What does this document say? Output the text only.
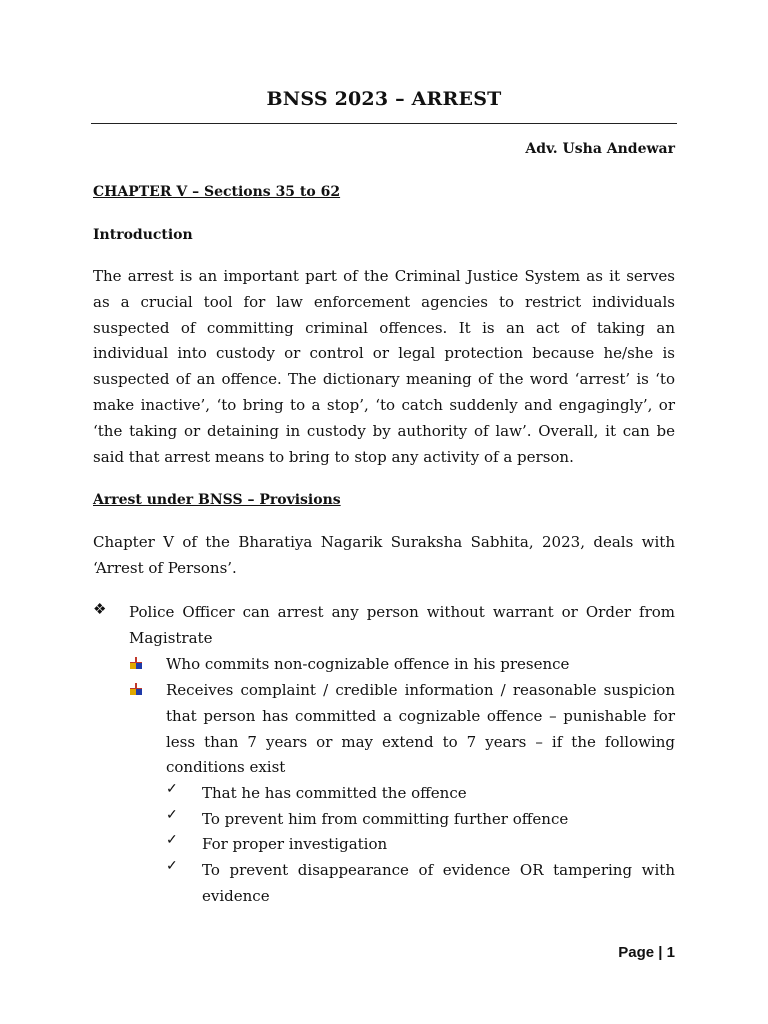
BNSS 2023 – ARREST
Adv. Usha Andewar
CHAPTER V – Sections 35 to 62
Introduction
The arrest is an important part of the Criminal Justice System as it serves as a crucial tool for law enforcement agencies to restrict individuals suspected of committing criminal offences. It is an act of taking an individual into custody or control or legal protection because he/she is suspected of an offence. The dictionary meaning of the word ‘arrest’ is ‘to make inactive’, ‘to bring to a stop’, ‘to catch suddenly and engagingly’, or ‘the taking or detaining in custody by authority of law’. Overall, it can be said that arrest means to bring to stop any activity of a person.
Arrest under BNSS – Provisions
Chapter V of the Bharatiya Nagarik Suraksha Sabhita, 2023, deals with ‘Arrest of Persons’.
❖ Police Officer can arrest any person without warrant or Order from Magistrate
Who commits non-cognizable offence in his presence
Receives complaint / credible information / reasonable suspicion that person has committed a cognizable offence – punishable for less than 7 years or may extend to 7 years – if the following conditions exist
✓ That he has committed the offence
✓ To prevent him from committing further offence
✓ For proper investigation
✓ To prevent disappearance of evidence OR tampering with evidence
Page | 1
